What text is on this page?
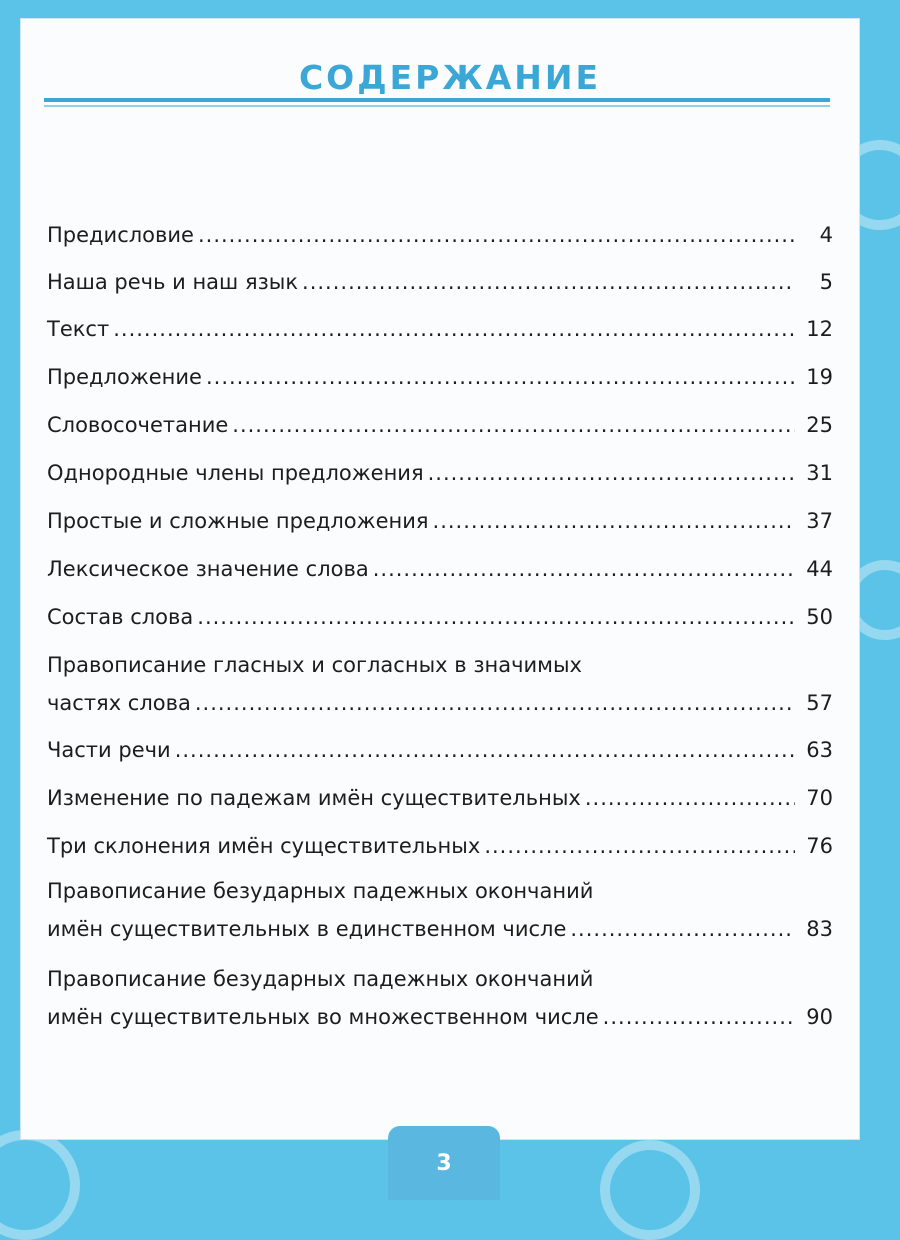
СОДЕРЖАНИЕ
Предисловие .....	4
Наша речь и наш язык .....	5
Текст .....	12
Предложение .....	19
Словосочетание .....	25
Однородные члены предложения .....	31
Простые и сложные предложения .....	37
Лексическое значение слова .....	44
Состав слова .....	50
Правописание гласных и согласных в значимых
частях слова .....	57
Части речи .....	63
Изменение по падежам имён существительных .....	70
Три склонения имён существительных .....	76
Правописание безударных падежных окончаний
имён существительных в единственном числе .....	83
Правописание безударных падежных окончаний
имён существительных во множественном числе .....	90
3
